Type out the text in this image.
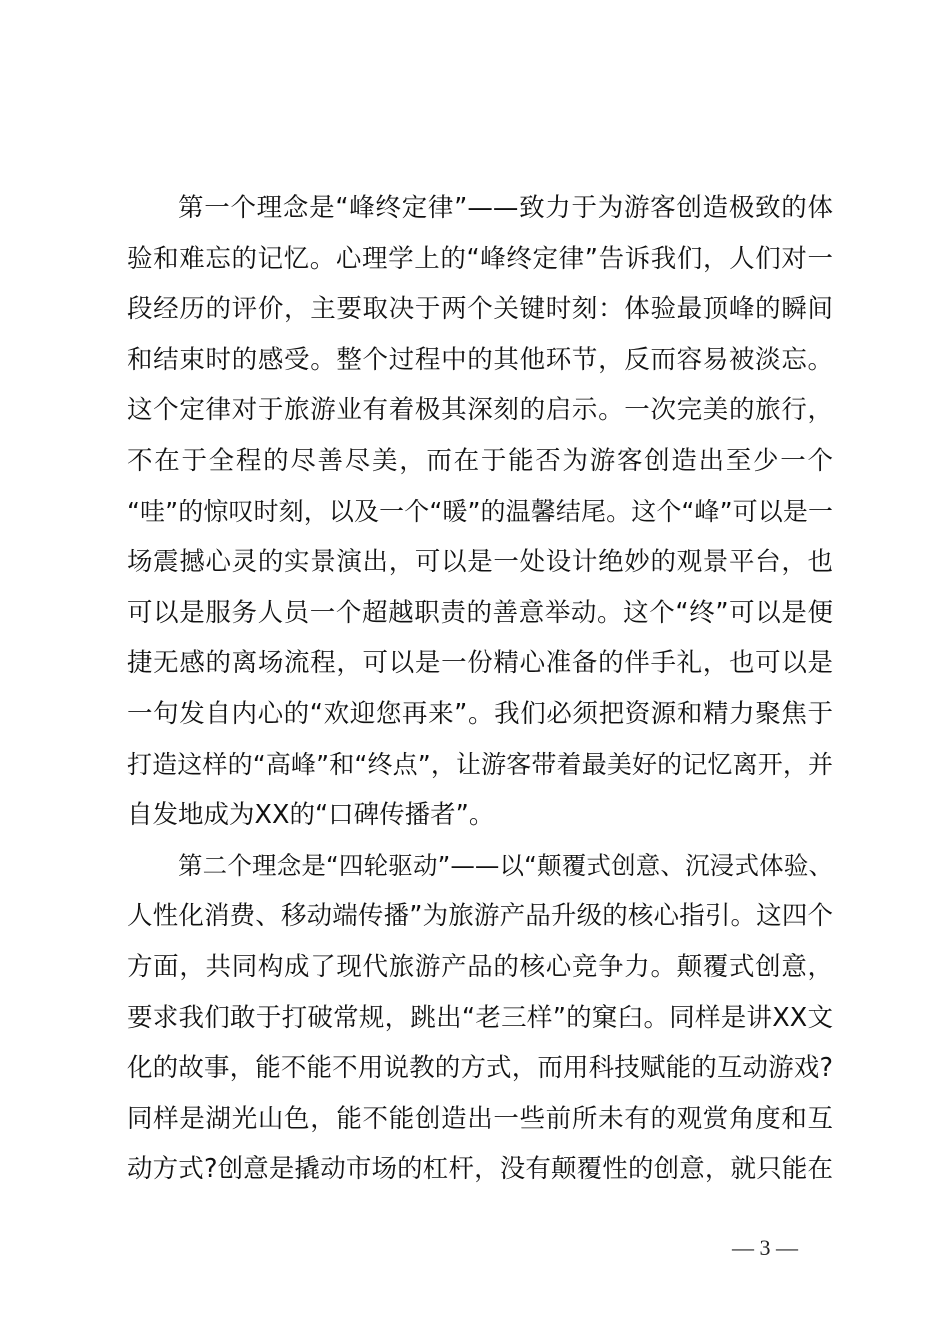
第一个理念是“峰终定律”——致力于为游客创造极致的体
验和难忘的记忆。心理学上的“峰终定律”告诉我们，人们对一
段经历的评价，主要取决于两个关键时刻：体验最顶峰的瞬间
和结束时的感受。整个过程中的其他环节，反而容易被淡忘。
这个定律对于旅游业有着极其深刻的启示。一次完美的旅行，
不在于全程的尽善尽美，而在于能否为游客创造出至少一个
“哇”的惊叹时刻，以及一个“暖”的温馨结尾。这个“峰”可以是一
场震撼心灵的实景演出，可以是一处设计绝妙的观景平台，也
可以是服务人员一个超越职责的善意举动。这个“终”可以是便
捷无感的离场流程，可以是一份精心准备的伴手礼，也可以是
一句发自内心的“欢迎您再来”。我们必须把资源和精力聚焦于
打造这样的“高峰”和“终点”，让游客带着最美好的记忆离开，并
自发地成为XX的“口碑传播者”。
第二个理念是“四轮驱动”——以“颠覆式创意、沉浸式体验、
人性化消费、移动端传播”为旅游产品升级的核心指引。这四个
方面，共同构成了现代旅游产品的核心竞争力。颠覆式创意，
要求我们敢于打破常规，跳出“老三样”的窠臼。同样是讲XX文
化的故事，能不能不用说教的方式，而用科技赋能的互动游戏?
同样是湖光山色，能不能创造出一些前所未有的观赏角度和互
动方式?创意是撬动市场的杠杆，没有颠覆性的创意，就只能在
— 3 —
